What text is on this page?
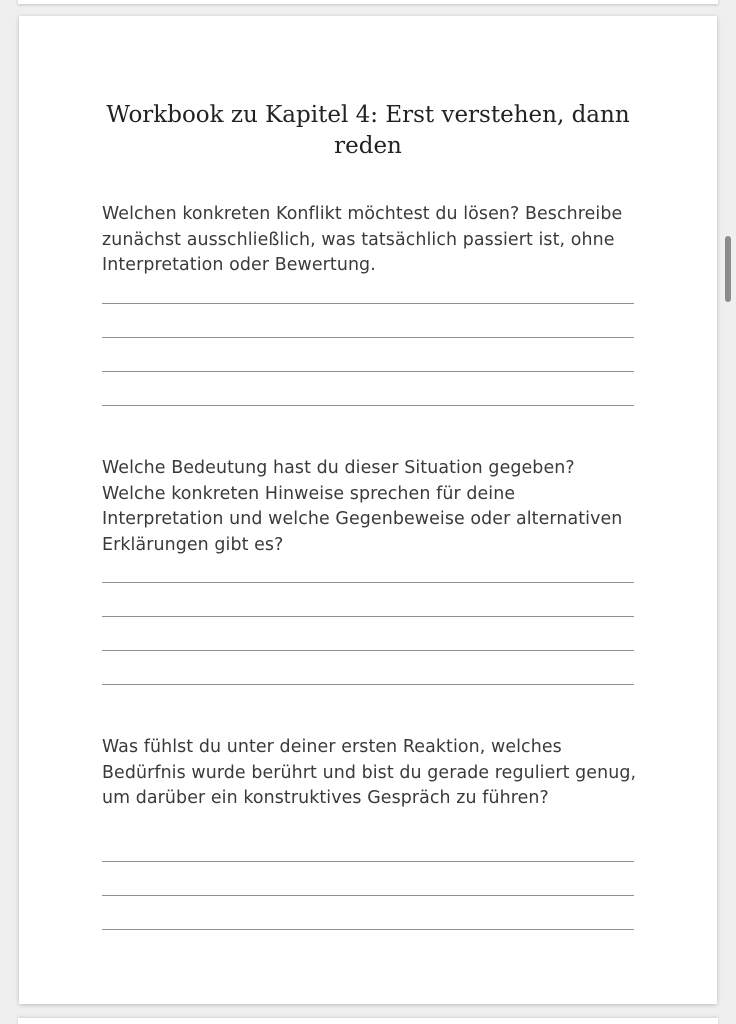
Workbook zu Kapitel 4: Erst verstehen, dann reden

Welchen konkreten Konflikt möchtest du lösen? Beschreibe zunächst ausschließlich, was tatsächlich passiert ist, ohne Interpretation oder Bewertung.

Welche Bedeutung hast du dieser Situation gegeben? Welche konkreten Hinweise sprechen für deine Interpretation und welche Gegenbeweise oder alternativen Erklärungen gibt es?

Was fühlst du unter deiner ersten Reaktion, welches Bedürfnis wurde berührt und bist du gerade reguliert genug, um darüber ein konstruktives Gespräch zu führen?
